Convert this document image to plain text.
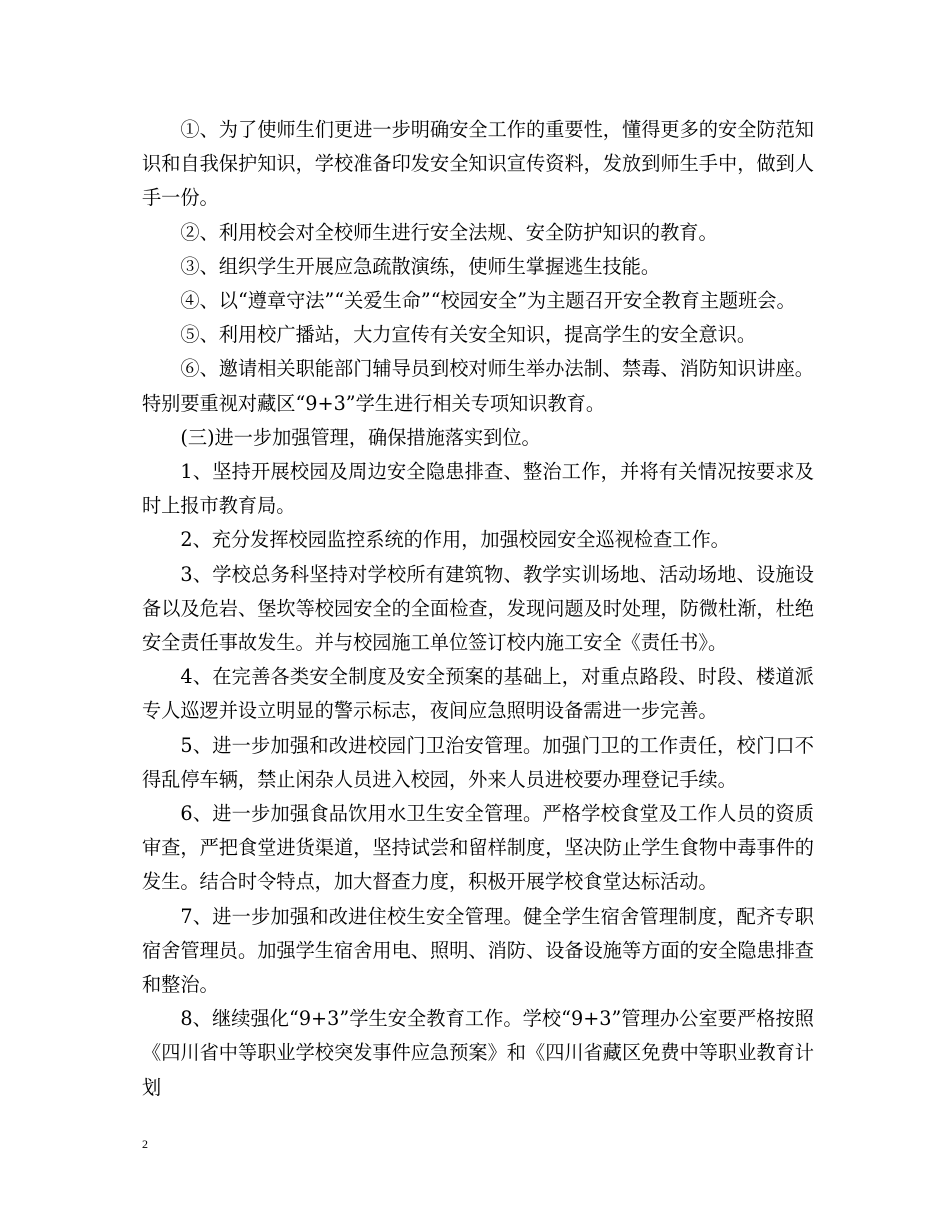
①、为了使师生们更进一步明确安全工作的重要性，懂得更多的安全防范知识和自我保护知识，学校准备印发安全知识宣传资料，发放到师生手中，做到人手一份。

②、利用校会对全校师生进行安全法规、安全防护知识的教育。

③、组织学生开展应急疏散演练，使师生掌握逃生技能。

④、以“遵章守法”“关爱生命”“校园安全”为主题召开安全教育主题班会。

⑤、利用校广播站，大力宣传有关安全知识，提高学生的安全意识。

⑥、邀请相关职能部门辅导员到校对师生举办法制、禁毒、消防知识讲座。特别要重视对藏区“9+3”学生进行相关专项知识教育。

(三)进一步加强管理，确保措施落实到位。

1、坚持开展校园及周边安全隐患排查、整治工作，并将有关情况按要求及时上报市教育局。

2、充分发挥校园监控系统的作用，加强校园安全巡视检查工作。

3、学校总务科坚持对学校所有建筑物、教学实训场地、活动场地、设施设备以及危岩、堡坎等校园安全的全面检查，发现问题及时处理，防微杜渐，杜绝安全责任事故发生。并与校园施工单位签订校内施工安全《责任书》。

4、在完善各类安全制度及安全预案的基础上，对重点路段、时段、楼道派专人巡逻并设立明显的警示标志，夜间应急照明设备需进一步完善。

5、进一步加强和改进校园门卫治安管理。加强门卫的工作责任，校门口不得乱停车辆，禁止闲杂人员进入校园，外来人员进校要办理登记手续。

6、进一步加强食品饮用水卫生安全管理。严格学校食堂及工作人员的资质审查，严把食堂进货渠道，坚持试尝和留样制度，坚决防止学生食物中毒事件的发生。结合时令特点，加大督查力度，积极开展学校食堂达标活动。

7、进一步加强和改进住校生安全管理。健全学生宿舍管理制度，配齐专职宿舍管理员。加强学生宿舍用电、照明、消防、设备设施等方面的安全隐患排查和整治。

8、继续强化“9+3”学生安全教育工作。学校“9+3”管理办公室要严格按照《四川省中等职业学校突发事件应急预案》和《四川省藏区免费中等职业教育计划

2
